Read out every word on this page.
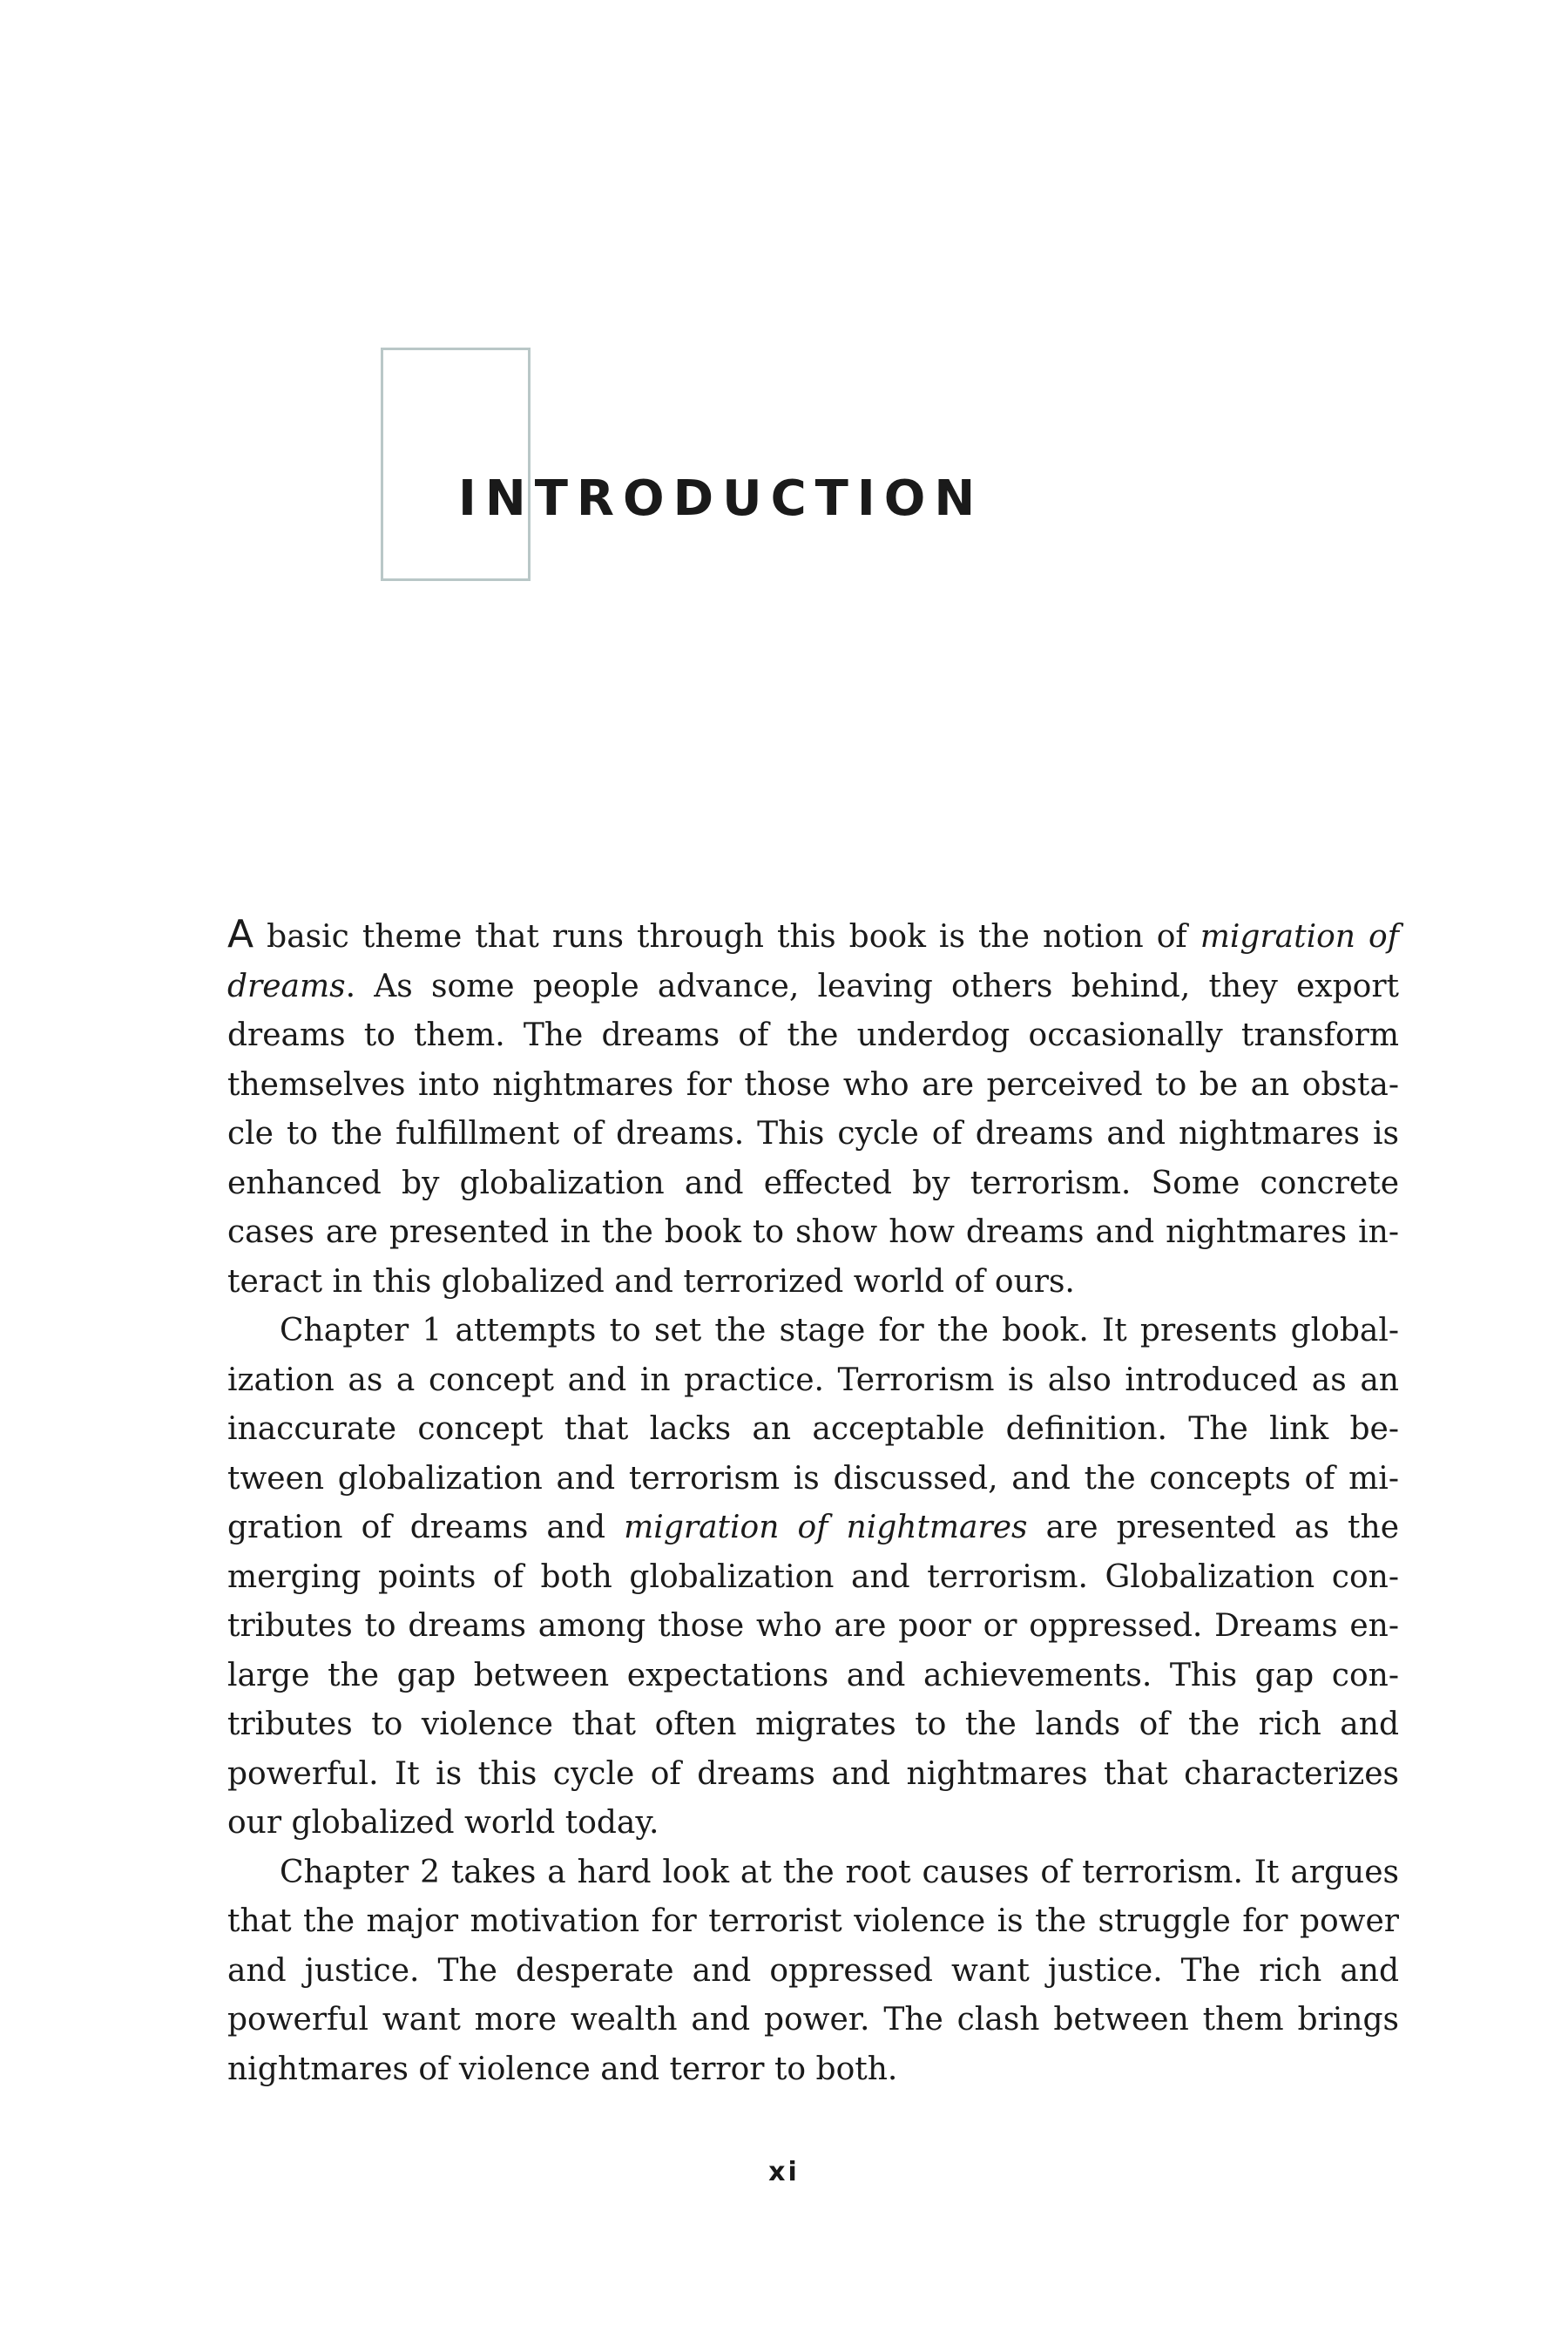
INTRODUCTION
A basic theme that runs through this book is the notion of migration of
dreams. As some people advance, leaving others behind, they export
dreams to them. The dreams of the underdog occasionally transform
themselves into nightmares for those who are perceived to be an obsta-
cle to the fulfillment of dreams. This cycle of dreams and nightmares is
enhanced by globalization and effected by terrorism. Some concrete
cases are presented in the book to show how dreams and nightmares in-
teract in this globalized and terrorized world of ours.
Chapter 1 attempts to set the stage for the book. It presents global-
ization as a concept and in practice. Terrorism is also introduced as an
inaccurate concept that lacks an acceptable definition. The link be-
tween globalization and terrorism is discussed, and the concepts of mi-
gration of dreams and migration of nightmares are presented as the
merging points of both globalization and terrorism. Globalization con-
tributes to dreams among those who are poor or oppressed. Dreams en-
large the gap between expectations and achievements. This gap con-
tributes to violence that often migrates to the lands of the rich and
powerful. It is this cycle of dreams and nightmares that characterizes
our globalized world today.
Chapter 2 takes a hard look at the root causes of terrorism. It argues
that the major motivation for terrorist violence is the struggle for power
and justice. The desperate and oppressed want justice. The rich and
powerful want more wealth and power. The clash between them brings
nightmares of violence and terror to both.
xi
